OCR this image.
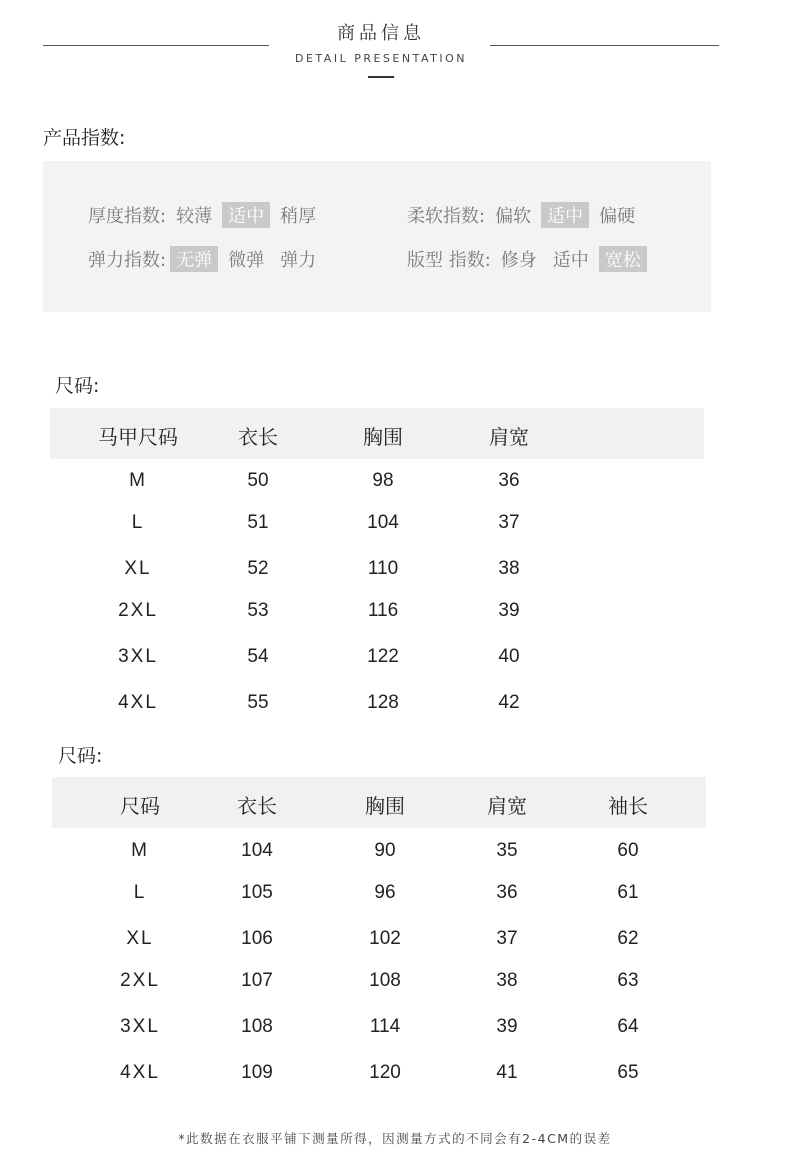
商品信息
DETAIL PRESENTATION
产品指数:
厚度指数: 较薄 适中 稍厚	柔软指数: 偏软 适中 偏硬
弹力指数: 无弹 微弹 弹力	版型 指数: 修身 适中 宽松
尺码:
马甲尺码	衣长	胸围	肩宽
M	50	98	36
L	51	104	37
XL	52	110	38
2XL	53	116	39
3XL	54	122	40
4XL	55	128	42
尺码:
尺码	衣长	胸围	肩宽	袖长
M	104	90	35	60
L	105	96	36	61
XL	106	102	37	62
2XL	107	108	38	63
3XL	108	114	39	64
4XL	109	120	41	65
*此数据在衣服平铺下测量所得，因测量方式的不同会有2-4CM的误差
